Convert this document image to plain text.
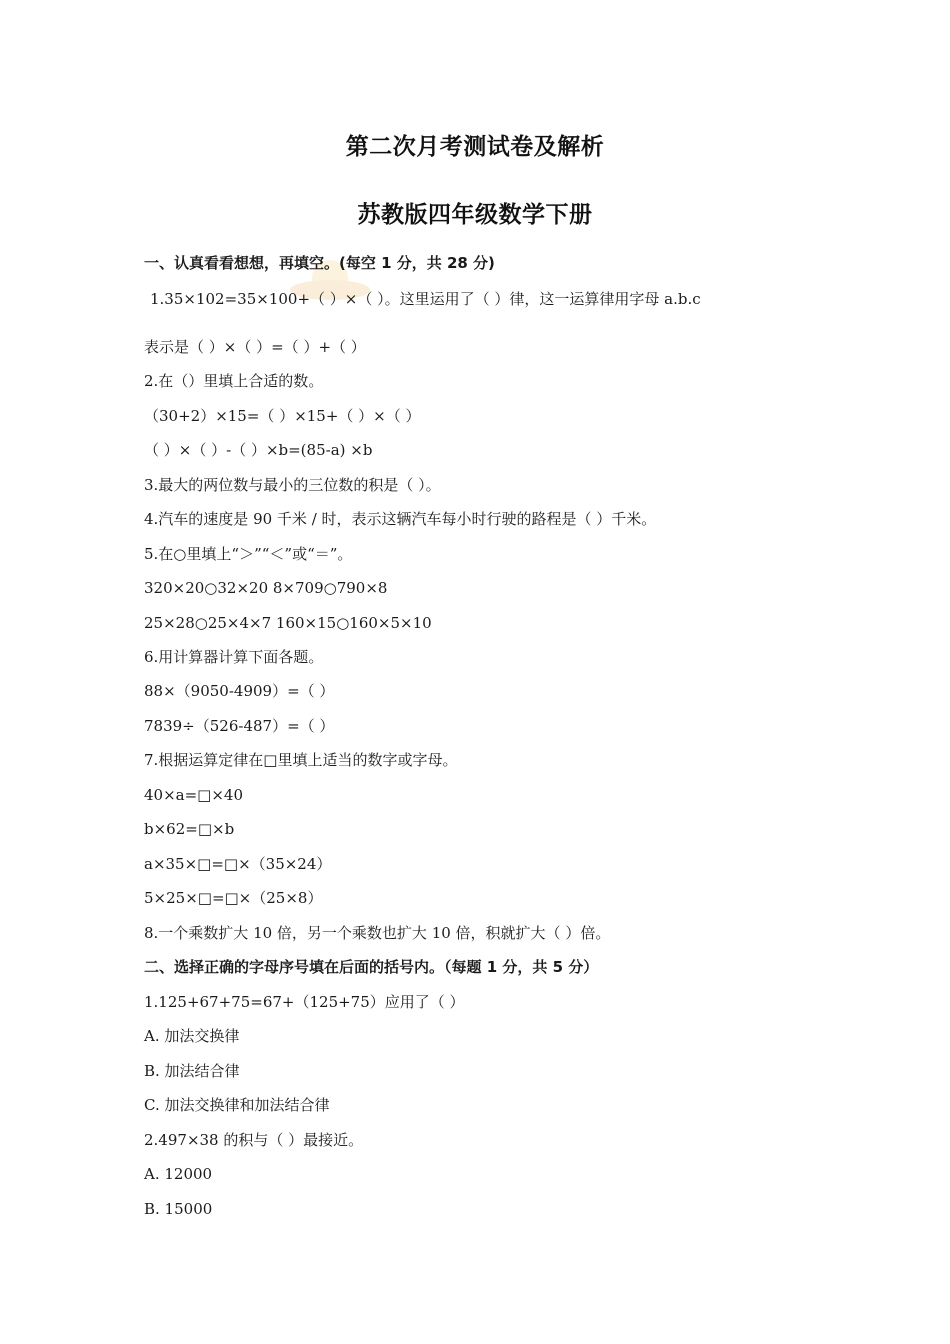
第二次月考测试卷及解析
苏教版四年级数学下册
一、认真看看想想，再填空。(每空 1 分，共 28 分)
1.35×102=35×100+（ ）×（ ）。这里运用了（ ）律，这一运算律用字母 a.b.c
表示是（ ）×（ ）=（ ）+（ ）
2.在（）里填上合适的数。
（30+2）×15=（ ）×15+（ ）×（ ）
（ ）×（ ）-（ ）×b=(85-a) ×b
3.最大的两位数与最小的三位数的积是（ ）。
4.汽车的速度是 90 千米 / 时，表示这辆汽车每小时行驶的路程是（ ）千米。
5.在○里填上“＞”“＜”或“＝”。
320×20○32×20 8×709○790×8
25×28○25×4×7 160×15○160×5×10
6.用计算器计算下面各题。
88×（9050-4909）=（ ）
7839÷（526-487）=（ ）
7.根据运算定律在□里填上适当的数字或字母。
40×a=□×40
b×62=□×b
a×35×□=□×（35×24）
5×25×□=□×（25×8）
8.一个乘数扩大 10 倍，另一个乘数也扩大 10 倍，积就扩大（ ）倍。
二、选择正确的字母序号填在后面的括号内。（每题 1 分，共 5 分）
1.125+67+75=67+（125+75）应用了（ ）
A. 加法交换律
B. 加法结合律
C. 加法交换律和加法结合律
2.497×38 的积与（ ）最接近。
A. 12000
B. 15000
